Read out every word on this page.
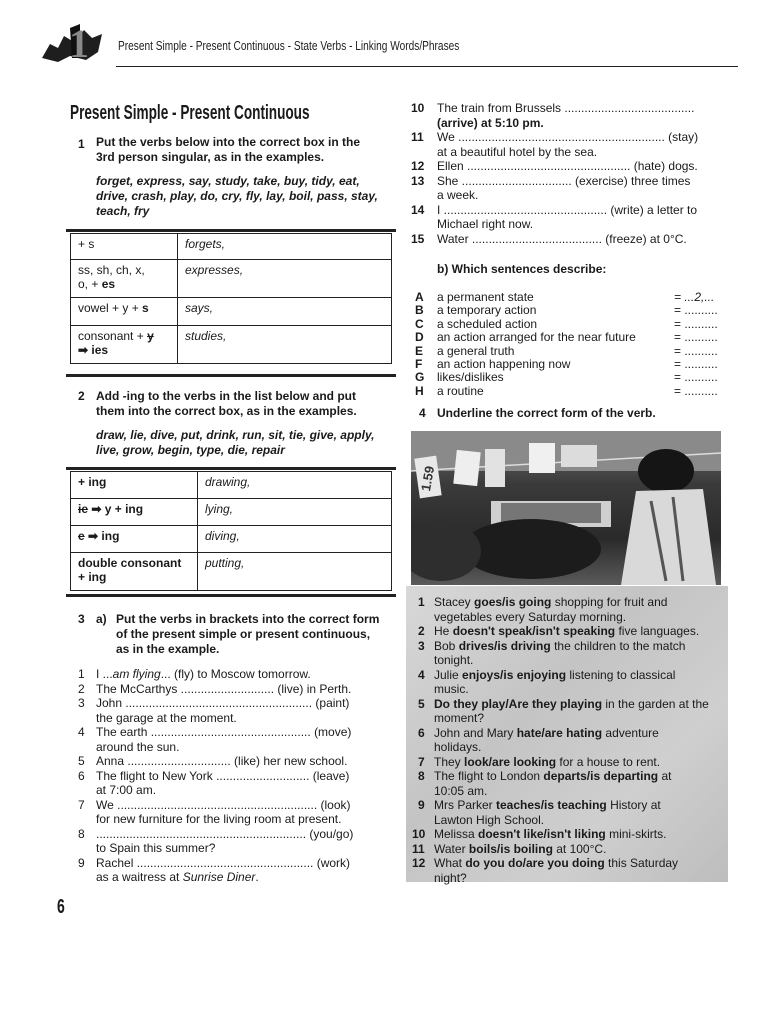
1 Present Simple - Present Continuous - State Verbs - Linking Words/Phrases
Present Simple - Present Continuous
1 Put the verbs below into the correct box in the
3rd person singular, as in the examples.
forget, express, say, study, take, buy, tidy, eat,
drive, crash, play, do, cry, fly, lay, boil, pass, stay,
teach, fry
+ s	forgets,

ss, sh, ch, x,
o, + es	expresses,
vowel + y + s	says,

consonant + y
➡ ies	studies,
2 Add -ing to the verbs in the list below and put
them into the correct box, as in the examples.
draw, lie, dive, put, drink, run, sit, tie, give, apply,
live, grow, begin, type, die, repair
+ ing	drawing,
ie ➡ y + ing	lying,
e ➡ ing	diving,

double consonant
+ ing	putting,
3 a) Put the verbs in brackets into the correct form
of the present simple or present continuous,
as in the example.
1 I ...am flying... (fly) to Moscow tomorrow.
2 The McCarthys ............................ (live) in Perth.
3 John ........................................................ (paint)
the garage at the moment.
4 The earth ................................................ (move)
around the sun.
5 Anna ............................... (like) her new school.
6 The flight to New York ............................ (leave)
at 7:00 am.
7 We ............................................................ (look)
for new furniture for the living room at present.
8 ............................................................... (you/go)
to Spain this summer?
9 Rachel ..................................................... (work)
as a waitress at Sunrise Diner.
10 The train from Brussels .......................................
(arrive) at 5:10 pm.
11 We .............................................................. (stay)
at a beautiful hotel by the sea.
12 Ellen ................................................. (hate) dogs.
13 She ................................. (exercise) three times
a week.
14 I ................................................. (write) a letter to
Michael right now.
15 Water ....................................... (freeze) at 0°C.
b) Which sentences describe:
A a permanent state	= ...2,...
B a temporary action	= ..........
C a scheduled action	= ..........
D an action arranged for the near future	= ..........
E a general truth	= ..........
F an action happening now	= ..........
G likes/dislikes	= ..........
H a routine	= ..........
4 Underline the correct form of the verb.
1.59
1 Stacey goes/is going shopping for fruit and
vegetables every Saturday morning.
2 He doesn't speak/isn't speaking five languages.
3 Bob drives/is driving the children to the match
tonight.
4 Julie enjoys/is enjoying listening to classical
music.
5 Do they play/Are they playing in the garden at the
moment?
6 John and Mary hate/are hating adventure
holidays.
7 They look/are looking for a house to rent.
8 The flight to London departs/is departing at
10:05 am.
9 Mrs Parker teaches/is teaching History at
Lawton High School.
10 Melissa doesn't like/isn't liking mini-skirts.
11 Water boils/is boiling at 100°C.
12 What do you do/are you doing this Saturday
night?
6
